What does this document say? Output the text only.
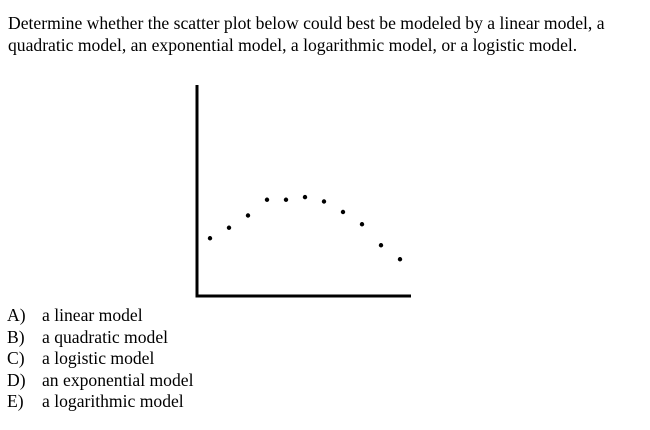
Determine whether the scatter plot below could best be modeled by a linear model, a quadratic model, an exponential model, a logarithmic model, or a logistic model.

A) a linear model
B) a quadratic model
C) a logistic model
D) an exponential model
E)	a logarithmic model
